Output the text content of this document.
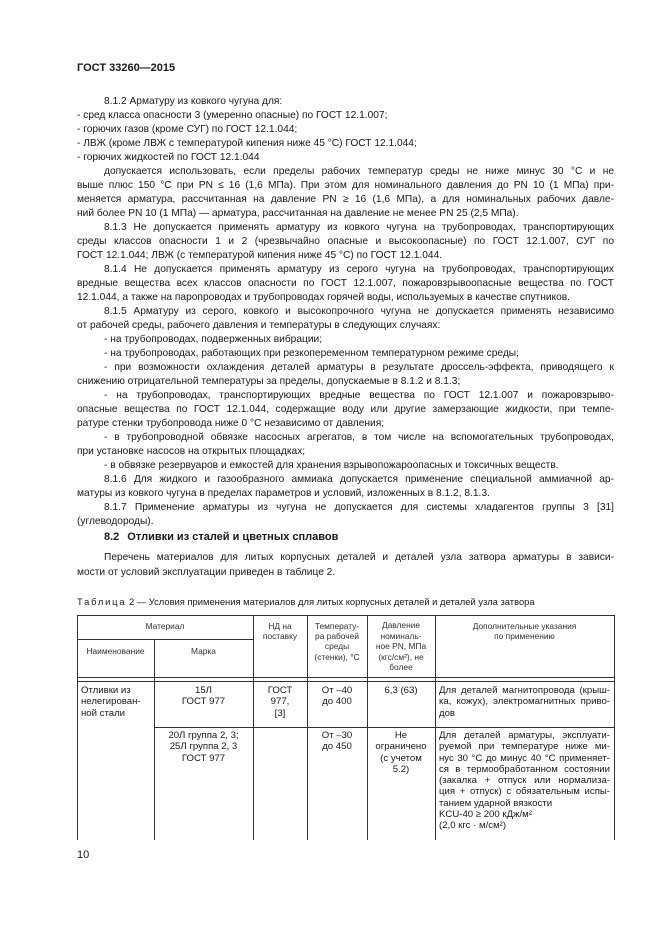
ГОСТ 33260—2015
8.1.2 Арматуру из ковкого чугуна для:
- сред класса опасности 3 (умеренно опасные) по ГОСТ 12.1.007;
- горючих газов (кроме СУГ) по ГОСТ 12.1.044;
- ЛВЖ (кроме ЛВЖ с температурой кипения ниже 45 °С) ГОСТ 12.1.044;
- горючих жидкостей по ГОСТ 12.1.044
допускается использовать, если пределы рабочих температур среды не ниже минус 30 °С и не
выше плюс 150 °С при PN ≤ 16 (1,6 МПа). При этом для номинального давления до PN 10 (1 МПа) при-
меняется арматура, рассчитанная на давление PN ≥ 16 (1,6 МПа), а для номинальных рабочих давле-
ний более PN 10 (1 МПа) — арматура, рассчитанная на давление не менее PN 25 (2,5 МПа).
8.1.3 Не допускается применять арматуру из ковкого чугуна на трубопроводах, транспортирующих
среды классов опасности 1 и 2 (чрезвычайно опасные и высокоопасные) по ГОСТ 12.1.007, СУГ по
ГОСТ 12.1.044; ЛВЖ (с температурой кипения ниже 45 °С) по ГОСТ 12.1.044.
8.1.4 Не допускается применять арматуру из серого чугуна на трубопроводах, транспортирующих
вредные вещества всех классов опасности по ГОСТ 12.1.007, пожаровзрывоопасные вещества по ГОСТ
12.1.044, а также на паропроводах и трубопроводах горячей воды, используемых в качестве спутников.
8.1.5 Арматуру из серого, ковкого и высокопрочного чугуна не допускается применять независимо
от рабочей среды, рабочего давления и температуры в следующих случаях:
- на трубопроводах, подверженных вибрации;
- на трубопроводах, работающих при резкопеременном температурном режиме среды;
- при возможности охлаждения деталей арматуры в результате дроссель-эффекта, приводящего к
снижению отрицательной температуры за пределы, допускаемые в 8.1.2 и 8.1.3;
- на трубопроводах, транспортирующих вредные вещества по ГОСТ 12.1.007 и пожаровзрыво-
опасные вещества по ГОСТ 12.1.044, содержащие воду или другие замерзающие жидкости, при темпе-
ратуре стенки трубопровода ниже 0 °С независимо от давления;
- в трубопроводной обвязке насосных агрегатов, в том числе на вспомогательных трубопроводах,
при установке насосов на открытых площадках;
- в обвязке резервуаров и емкостей для хранения взрывопожароопасных и токсичных веществ.
8.1.6 Для жидкого и газообразного аммиака допускается применение специальной аммиачной ар-
матуры из ковкого чугуна в пределах параметров и условий, изложенных в 8.1.2, 8.1.3.
8.1.7 Применение арматуры из чугуна не допускается для системы хладагентов группы 3 [31]
(углеводороды).
8.2 Отливки из сталей и цветных сплавов
Перечень материалов для литых корпусных деталей и деталей узла затвора арматуры в зависи-
мости от условий эксплуатации приведен в таблице 2.
Таблица 2 — Условия применения материалов для литых корпусных деталей и деталей узла затвора
Материал
Наименование	Марка
НД на
поставку
Температу-
ра рабочей
среды
(стенки), °С
Давление
номиналь-
ное PN, МПа
(кгс/см²), не
более
Дополнительные указания
по применению
Отливки из
нелегирован-
ной стали
15Л
ГОСТ 977
ГОСТ
977,
[3]
От –40
до 400
6,3 (63)	Для деталей магнитопровода (крыш-
ка, кожух), электромагнитных приво-
дов
20Л группа 2, 3;
25Л группа 2, 3
ГОСТ 977
От –30
до 450
Не
ограничено
(с учетом
5.2)
Для деталей арматуры, эксплуати-
руемой при температуре ниже ми-
нус 30 °С до минус 40 °С применяет-
ся в термообработанном состоянии
(закалка + отпуск или нормализа-
ция + отпуск) с обязательным испы-
танием ударной вязкости
KCU-40 ≥ 200 кДж/м²
(2,0 кгс · м/см²)
10
